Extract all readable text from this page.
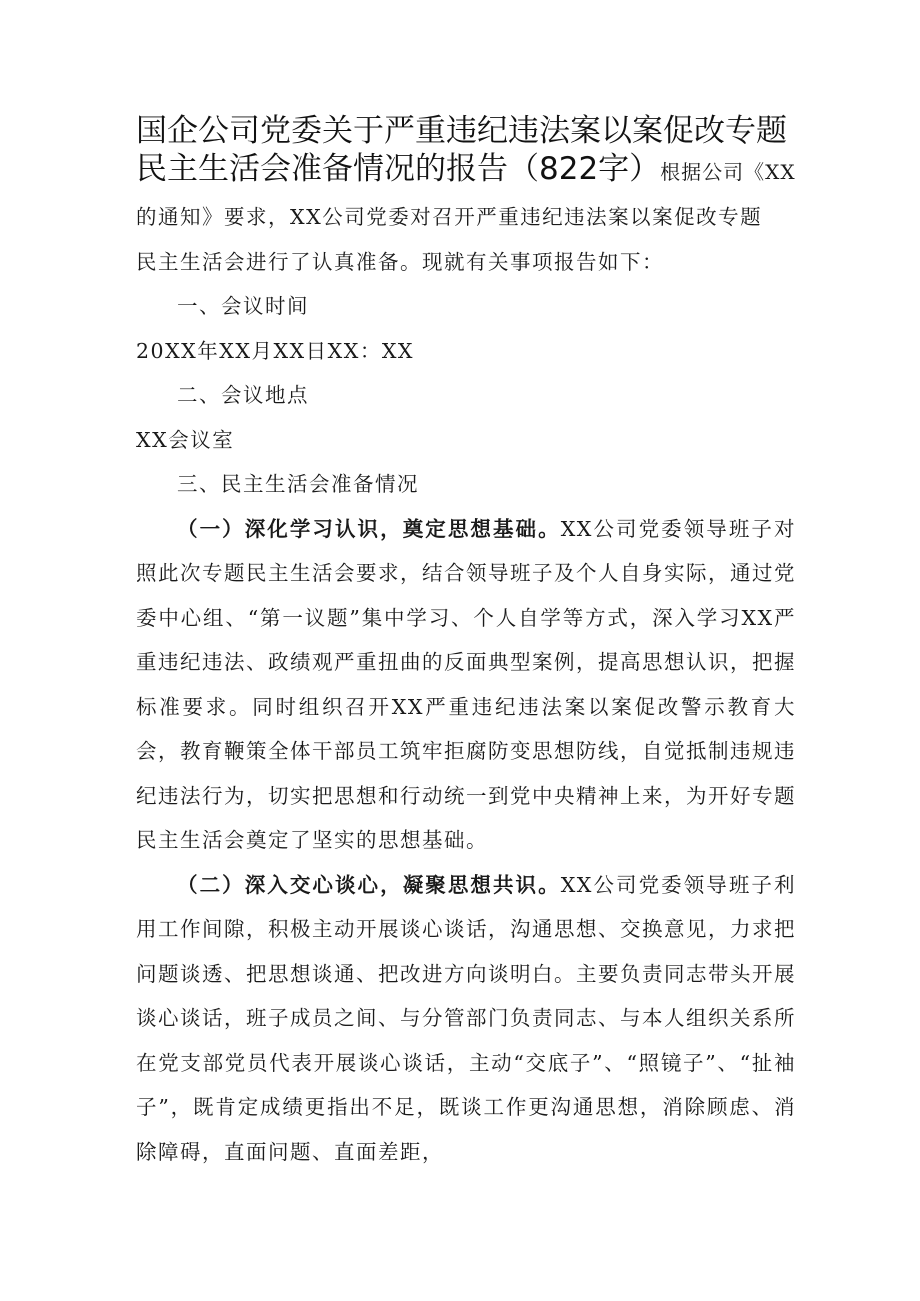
国企公司党委关于严重违纪违法案以案促改专题
民主生活会准备情况的报告（822字）根据公司《XX

的通知》要求，XX公司党委对召开严重违纪违法案以案促改专题

民主生活会进行了认真准备。现就有关事项报告如下：

一、会议时间

20XX年XX月XX日XX：XX

二、会议地点

XX会议室

三、民主生活会准备情况

（一）深化学习认识，奠定思想基础。XX公司党委领导班子对照此次专题民主生活会要求，结合领导班子及个人自身实际，通过党委中心组、“第一议题”集中学习、个人自学等方式，深入学习XX严重违纪违法、政绩观严重扭曲的反面典型案例，提高思想认识，把握标准要求。同时组织召开XX严重违纪违法案以案促改警示教育大会，教育鞭策全体干部员工筑牢拒腐防变思想防线，自觉抵制违规违纪违法行为，切实把思想和行动统一到党中央精神上来，为开好专题民主生活会奠定了坚实的思想基础。

（二）深入交心谈心，凝聚思想共识。XX公司党委领导班子利用工作间隙，积极主动开展谈心谈话，沟通思想、交换意见，力求把问题谈透、把思想谈通、把改进方向谈明白。主要负责同志带头开展谈心谈话，班子成员之间、与分管部门负责同志、与本人组织关系所在党支部党员代表开展谈心谈话，主动“交底子”、“照镜子”、“扯袖子”，既肯定成绩更指出不足，既谈工作更沟通思想，消除顾虑、消除障碍，直面问题、直面差距，
